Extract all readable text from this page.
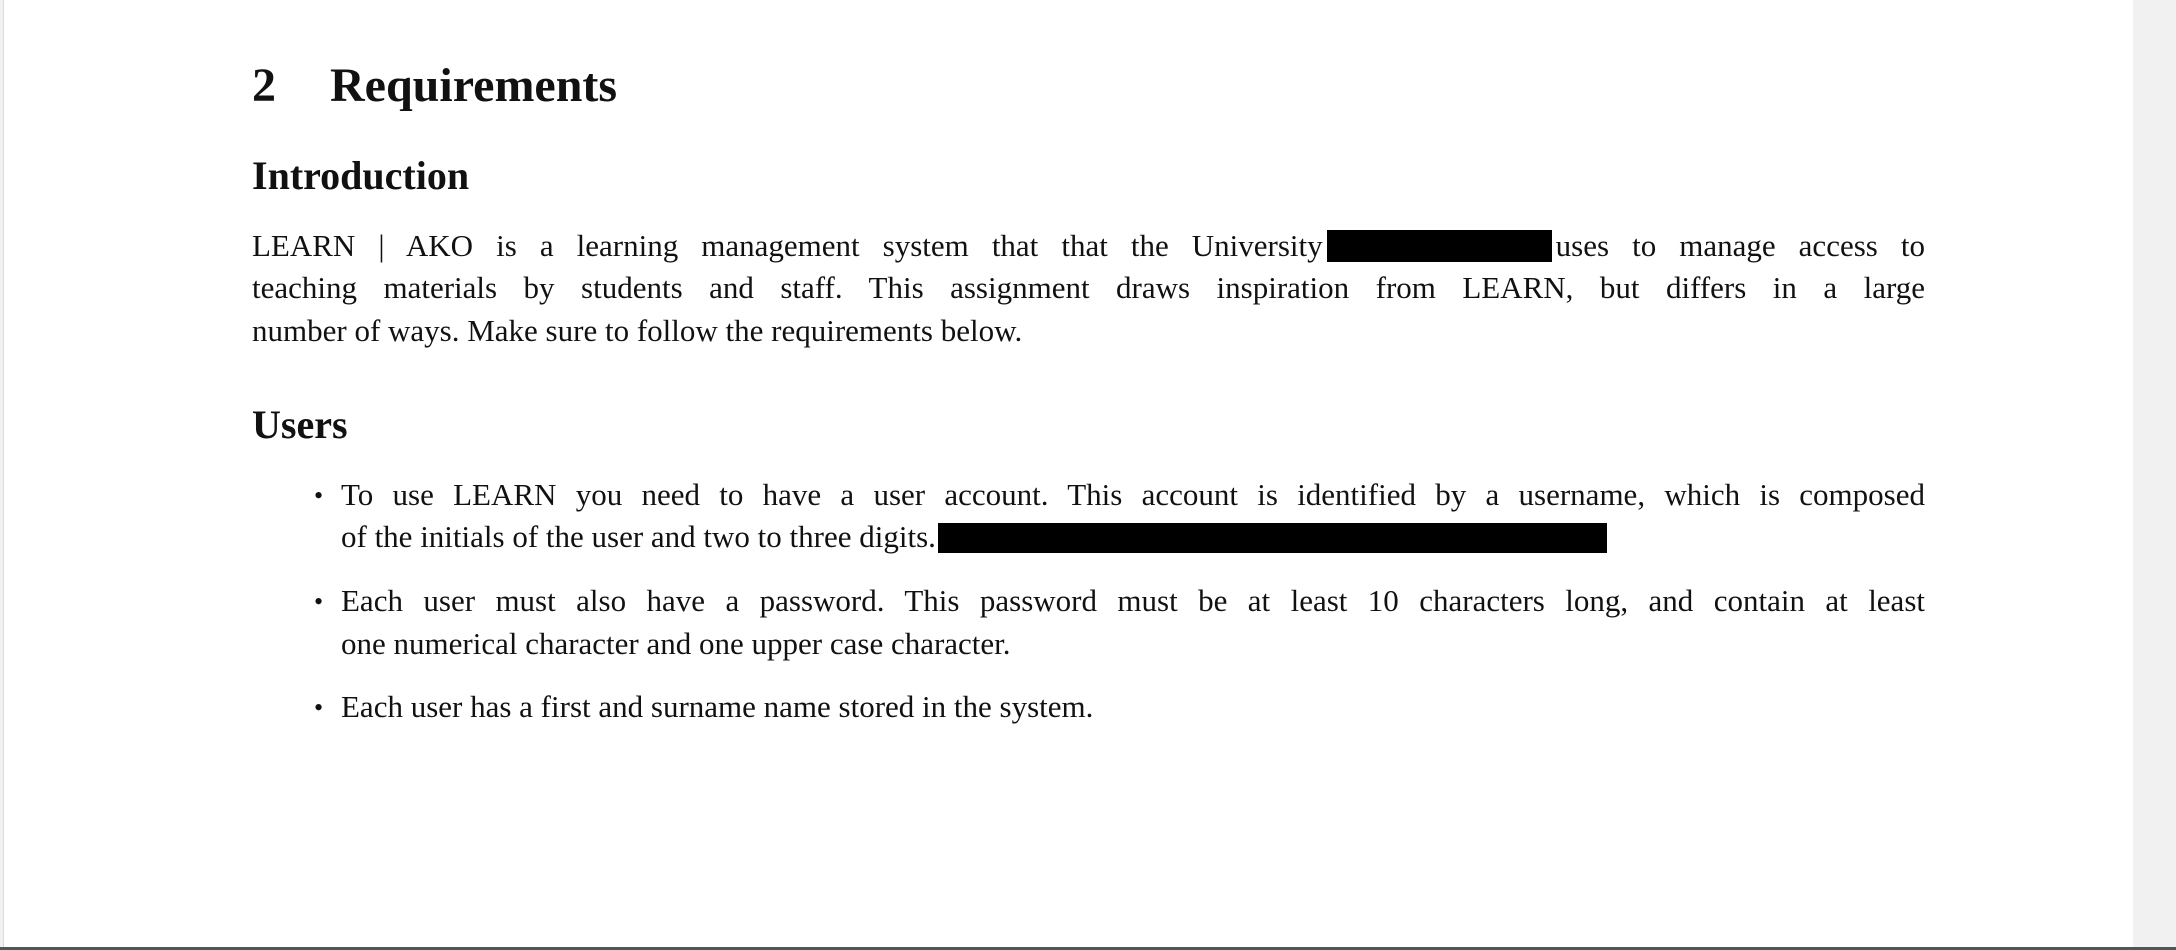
2 Requirements
Introduction
LEARN | AKO is a learning management system that that the University	uses to manage access to
teaching materials by students and staff. This assignment draws inspiration from LEARN, but differs in a large
number of ways. Make sure to follow the requirements below.
Users
• To use LEARN you need to have a user account. This account is identified by a username, which is composed
of the initials of the user and two to three digits.
• Each user must also have a password. This password must be at least 10 characters long, and contain at least
one numerical character and one upper case character.
• Each user has a first and surname name stored in the system.
